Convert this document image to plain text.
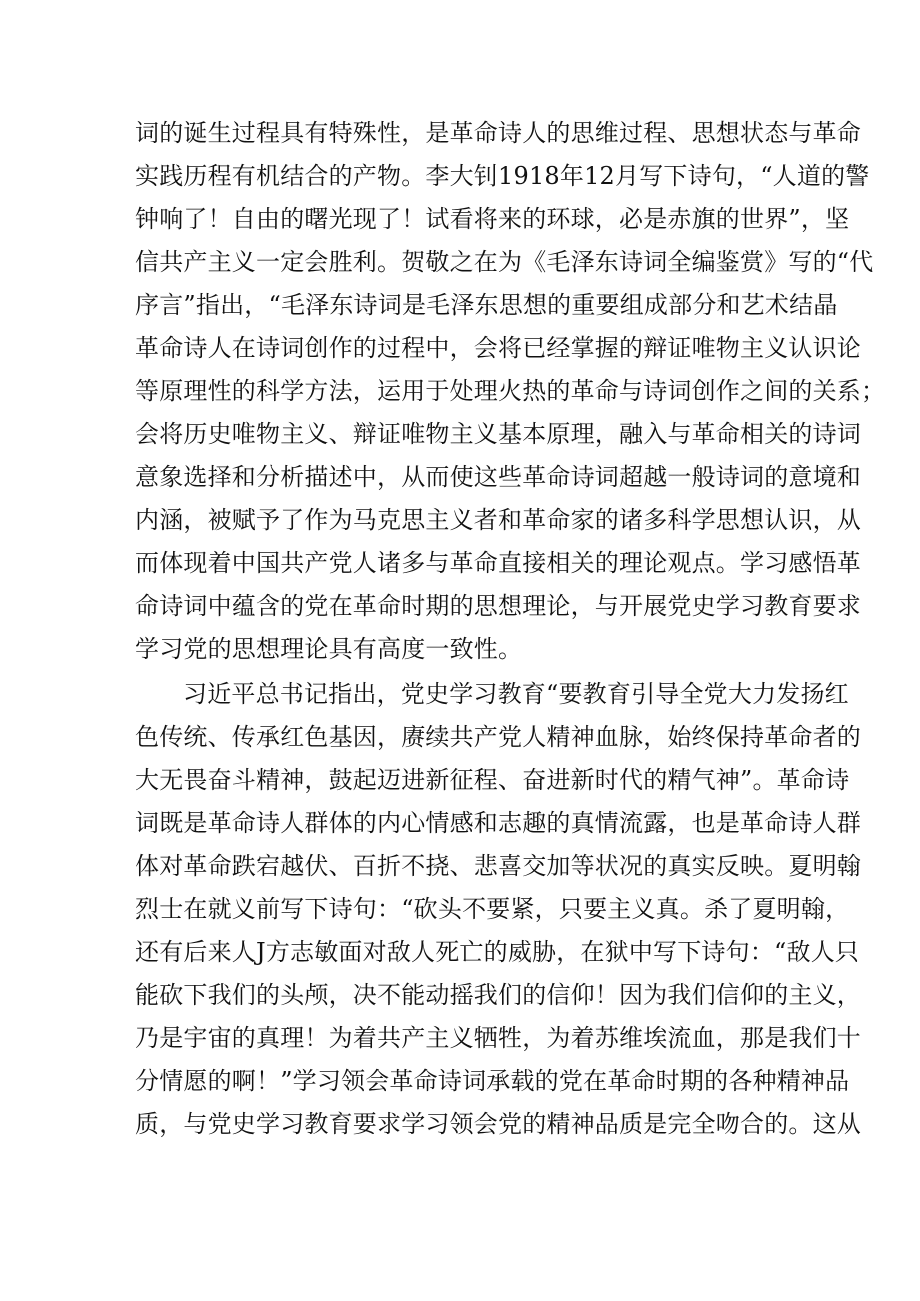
词的诞生过程具有特殊性，是革命诗人的思维过程、思想状态与革命
实践历程有机结合的产物。李大钊1918年12月写下诗句，“人道的警
钟响了！自由的曙光现了！试看将来的环球，必是赤旗的世界”，坚
信共产主义一定会胜利。贺敬之在为《毛泽东诗词全编鉴赏》写的“代
序言”指出，“毛泽东诗词是毛泽东思想的重要组成部分和艺术结晶
革命诗人在诗词创作的过程中，会将已经掌握的辩证唯物主义认识论
等原理性的科学方法，运用于处理火热的革命与诗词创作之间的关系；
会将历史唯物主义、辩证唯物主义基本原理，融入与革命相关的诗词
意象选择和分析描述中，从而使这些革命诗词超越一般诗词的意境和
内涵，被赋予了作为马克思主义者和革命家的诸多科学思想认识，从
而体现着中国共产党人诸多与革命直接相关的理论观点。学习感悟革
命诗词中蕴含的党在革命时期的思想理论，与开展党史学习教育要求
学习党的思想理论具有高度一致性。
习近平总书记指出，党史学习教育“要教育引导全党大力发扬红
色传统、传承红色基因，赓续共产党人精神血脉，始终保持革命者的
大无畏奋斗精神，鼓起迈进新征程、奋进新时代的精气神”。革命诗
词既是革命诗人群体的内心情感和志趣的真情流露，也是革命诗人群
体对革命跌宕越伏、百折不挠、悲喜交加等状况的真实反映。夏明翰
烈士在就义前写下诗句：“砍头不要紧，只要主义真。杀了夏明翰，
还有后来人J方志敏面对敌人死亡的威胁，在狱中写下诗句：“敌人只
能砍下我们的头颅，决不能动摇我们的信仰！因为我们信仰的主义，
乃是宇宙的真理！为着共产主义牺牲，为着苏维埃流血，那是我们十
分情愿的啊！”学习领会革命诗词承载的党在革命时期的各种精神品
质，与党史学习教育要求学习领会党的精神品质是完全吻合的。这从
